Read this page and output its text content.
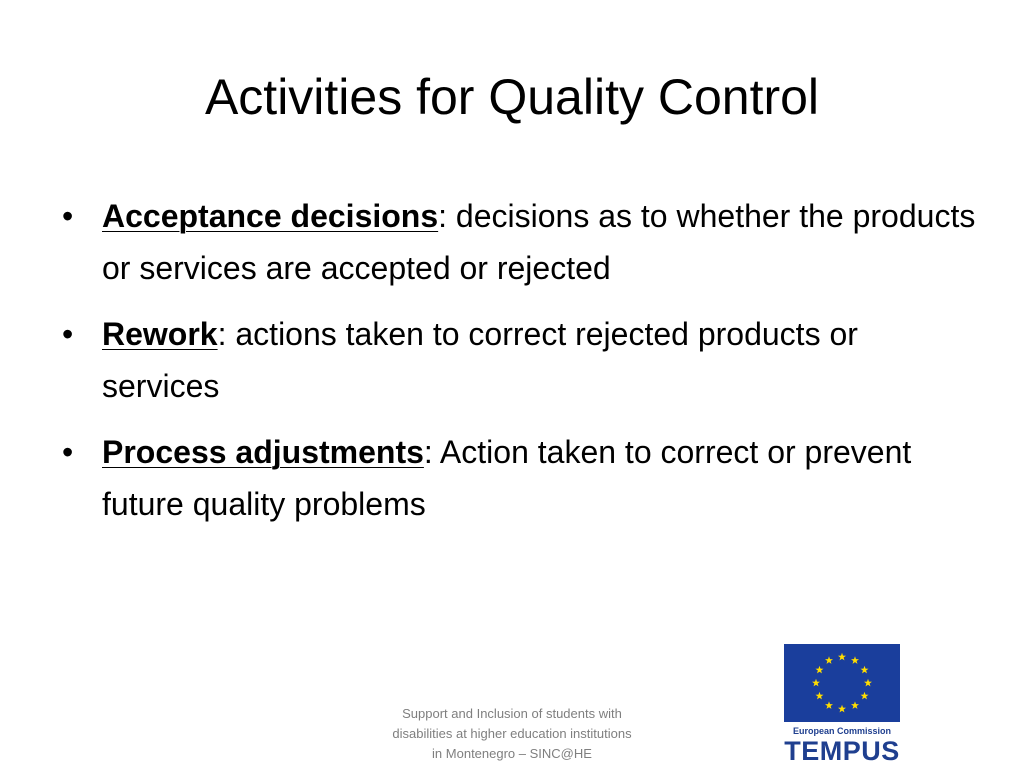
Activities for Quality Control
• Acceptance decisions: decisions as to whether the products or services are accepted or rejected
• Rework: actions taken to correct rejected products or services
• Process adjustments: Action taken to correct or prevent future quality problems
Support and Inclusion of students with
disabilities at higher education institutions
in Montenegro – SINC@HE
European Commission
TEMPUS
